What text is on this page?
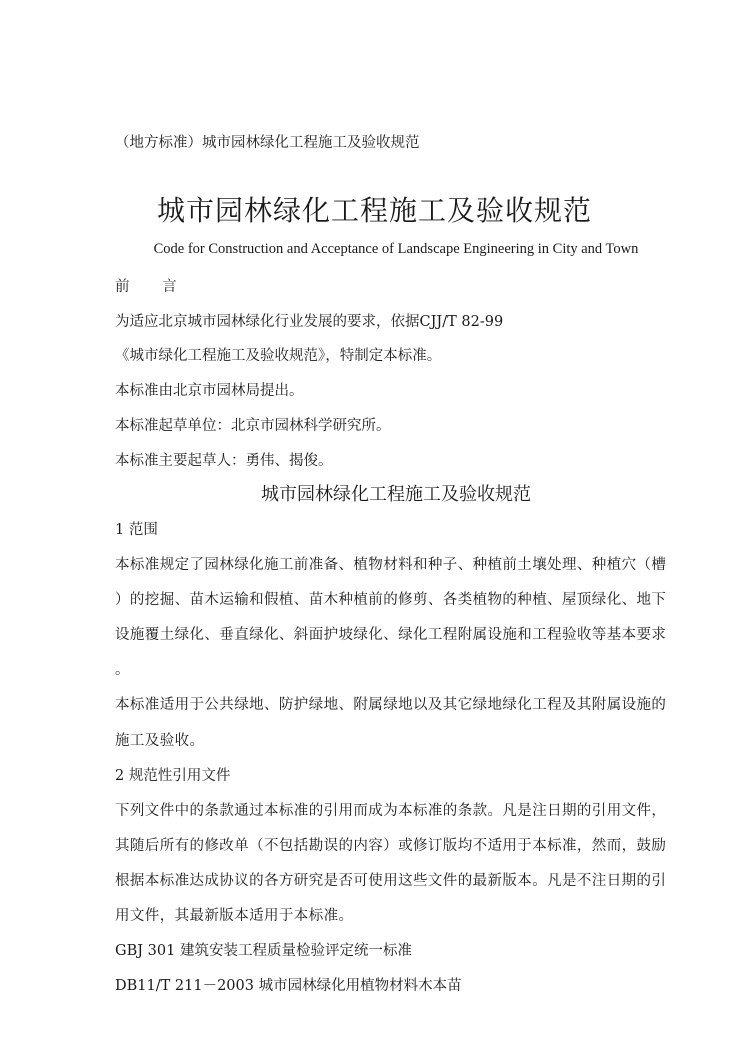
（地方标准）城市园林绿化工程施工及验收规范
城市园林绿化工程施工及验收规范
Code for Construction and Acceptance of Landscape Engineering in City and Town
前 言
为适应北京城市园林绿化行业发展的要求，依据CJJ/T 82-99
《城市绿化工程施工及验收规范》，特制定本标准。
本标准由北京市园林局提出。
本标准起草单位：北京市园林科学研究所。
本标准主要起草人：勇伟、揭俊。
城市园林绿化工程施工及验收规范
1 范围
本标准规定了园林绿化施工前准备、植物材料和种子、种植前土壤处理、种植穴（槽
）的挖掘、苗木运输和假植、苗木种植前的修剪、各类植物的种植、屋顶绿化、地下
设施覆土绿化、垂直绿化、斜面护坡绿化、绿化工程附属设施和工程验收等基本要求
。
本标准适用于公共绿地、防护绿地、附属绿地以及其它绿地绿化工程及其附属设施的
施工及验收。
2 规范性引用文件
下列文件中的条款通过本标准的引用而成为本标准的条款。凡是注日期的引用文件，
其随后所有的修改单（不包括勘误的内容）或修订版均不适用于本标准，然而，鼓励
根据本标准达成协议的各方研究是否可使用这些文件的最新版本。凡是不注日期的引
用文件，其最新版本适用于本标准。
GBJ 301 建筑安装工程质量检验评定统一标准
DB11/T 211－2003 城市园林绿化用植物材料木本苗
